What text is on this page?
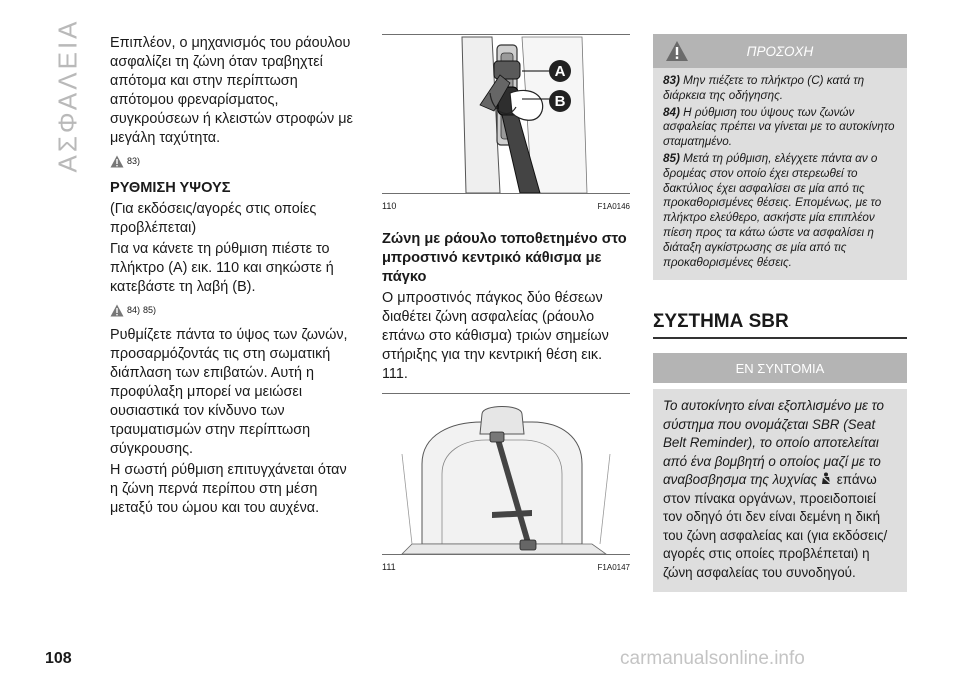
ΑΣΦΑΛΕΙΑ Επιπλέον, ο μηχανισμός του ράουλου ασφαλίζει τη ζώνη όταν τραβηχτεί απότομα και στην περίπτωση απότομου φρεναρίσματος, συγκρούσεων ή κλειστών στροφών με μεγάλη ταχύτητα.

83)
ΡΥΘΜΙΣΗ ΥΨΟΥΣ

(Για εκδόσεις/αγορές στις οποίες προβλέπεται)

Για να κάνετε τη ρύθμιση πιέστε το πλήκτρο (A) εικ. 110 και σηκώστε ή κατεβάστε τη λαβή (B).

84) 85)

Ρυθμίζετε πάντα το ύψος των ζωνών, προσαρμόζοντάς τις στη σωματική διάπλαση των επιβατών. Αυτή η προφύλαξη μπορεί να μειώσει ουσιαστικά τον κίνδυνο των τραυματισμών στην περίπτωση σύγκρουσης.

Η σωστή ρύθμιση επιτυγχάνεται όταν η ζώνη περνά περίπου στη μέση μεταξύ του ώμου και του αυχένα.

A
B
110	F1A0146
Ζώνη με ράουλο τοποθετημένο στο μπροστινό κεντρικό κάθισμα με πάγκο

Ο μπροστινός πάγκος δύο θέσεων διαθέτει ζώνη ασφαλείας (ράουλο επάνω στο κάθισμα) τριών σημείων στήριξης για την κεντρική θέση εικ. 111.

111	F1A0147
ΠΡΟΣΟΧΗ

83) Μην πιέζετε το πλήκτρο (C) κατά τη διάρκεια της οδήγησης.

84) Η ρύθμιση του ύψους των ζωνών ασφαλείας πρέπει να γίνεται με το αυτοκίνητο σταματημένο.

85) Μετά τη ρύθμιση, ελέγχετε πάντα αν ο δρομέας στον οποίο έχει στερεωθεί το δακτύλιος έχει ασφαλίσει σε μία από τις προκαθορισμένες θέσεις. Επομένως, με το πλήκτρο ελεύθερο, ασκήστε μία επιπλέον πίεση προς τα κάτω ώστε να ασφαλίσει η διάταξη αγκίστρωσης σε μία από τις προκαθορισμένες θέσεις.

ΣΥΣΤΗΜΑ SBR
ΕΝ ΣΥΝΤΟΜΙΑ
Το αυτοκίνητο είναι εξοπλισμένο με το σύστημα που ονομάζεται SBR (Seat Belt Reminder), το οποίο αποτελείται από ένα βομβητή ο οποίος μαζί με το αναβοσβησμα της λυχνίας επάνω στον πίνακα οργάνων, προειδοποιεί τον οδηγό ότι δεν είναι δεμένη η δική του ζώνη ασφαλείας και (για εκδόσεις/αγορές στις οποίες προβλέπεται) η ζώνη ασφαλείας του συνοδηγού.
108	carmanualsonline.info
